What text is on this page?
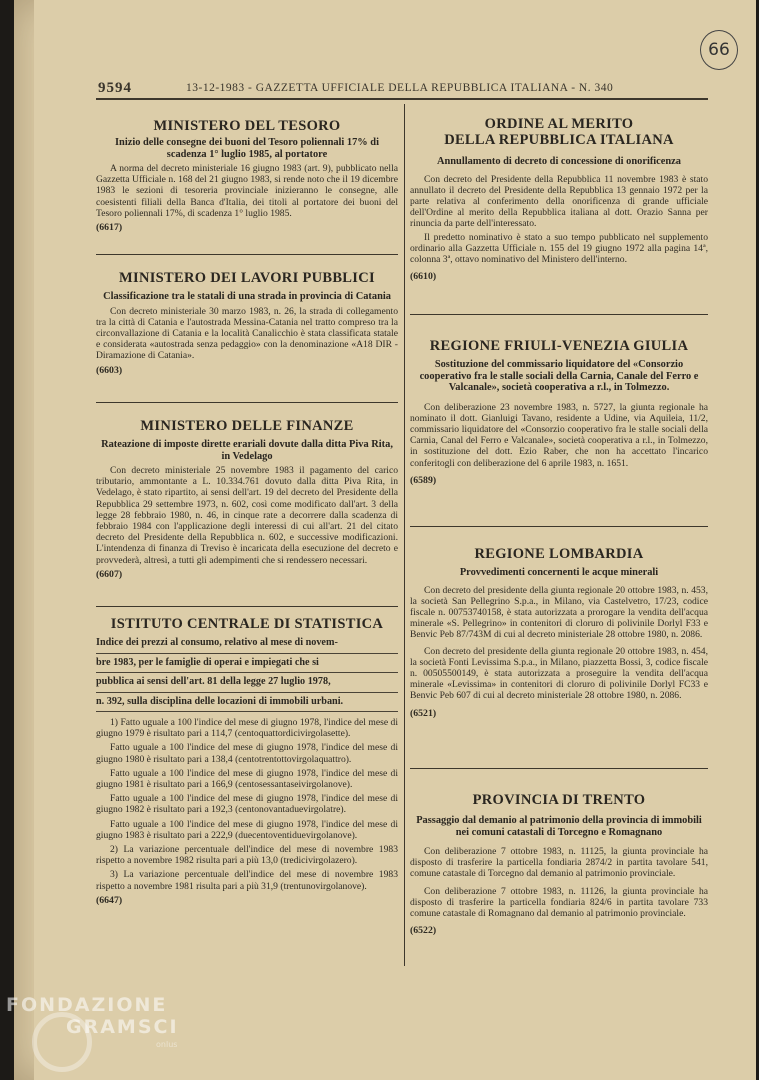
66
9594	13-12-1983 - GAZZETTA UFFICIALE DELLA REPUBBLICA ITALIANA - N. 340
MINISTERO DEL TESORO
Inizio delle consegne dei buoni del Tesoro poliennali 17% di scadenza 1° luglio 1985, al portatore

A norma del decreto ministeriale 16 giugno 1983 (art. 9), pubblicato nella Gazzetta Ufficiale n. 168 del 21 giugno 1983, si rende noto che il 19 dicembre 1983 le sezioni di tesoreria provinciale inizieranno le consegne, alle coesistenti filiali della Banca d'Italia, dei titoli al portatore dei buoni del Tesoro poliennali 17%, di scadenza 1° luglio 1985.

(6617)

MINISTERO DEI LAVORI PUBBLICI
Classificazione tra le statali di una strada in provincia di Catania

Con decreto ministeriale 30 marzo 1983, n. 26, la strada di collegamento tra la città di Catania e l'autostrada Messina-Catania nel tratto compreso tra la circonvallazione di Catania e la località Canalicchio è stata classificata statale e considerata «autostrada senza pedaggio» con la denominazione «A18 DIR - Diramazione di Catania».

(6603)

MINISTERO DELLE FINANZE
Rateazione di imposte dirette erariali dovute dalla ditta Piva Rita, in Vedelago

Con decreto ministeriale 25 novembre 1983 il pagamento del carico tributario, ammontante a L. 10.334.761 dovuto dalla ditta Piva Rita, in Vedelago, è stato ripartito, ai sensi dell'art. 19 del decreto del Presidente della Repubblica 29 settembre 1973, n. 602, così come modificato dall'art. 3 della legge 28 febbraio 1980, n. 46, in cinque rate a decorrere dalla scadenza di febbraio 1984 con l'applicazione degli interessi di cui all'art. 21 del citato decreto del Presidente della Repubblica n. 602, e successive modificazioni. L'intendenza di finanza di Treviso è incaricata della esecuzione del decreto e provvederà, altresì, a tutti gli adempimenti che si rendessero necessari.

(6607)

ISTITUTO CENTRALE DI STATISTICA
Indice dei prezzi al consumo, relativo al mese di novem-
bre 1983, per le famiglie di operai e impiegati che si
pubblica ai sensi dell'art. 81 della legge 27 luglio 1978,
n. 392, sulla disciplina delle locazioni di immobili urbani.
1) Fatto uguale a 100 l'indice del mese di giugno 1978, l'indice del mese di giugno 1979 è risultato pari a 114,7 (centoquattordicivirgolasette).
Fatto uguale a 100 l'indice del mese di giugno 1978, l'indice del mese di giugno 1980 è risultato pari a 138,4 (centotrentottovirgolaquattro).
Fatto uguale a 100 l'indice del mese di giugno 1978, l'indice del mese di giugno 1981 è risultato pari a 166,9 (centosessantaseivirgolanove).
Fatto uguale a 100 l'indice del mese di giugno 1978, l'indice del mese di giugno 1982 è risultato pari a 192,3 (centonovantaduevirgolatre).
Fatto uguale a 100 l'indice del mese di giugno 1978, l'indice del mese di giugno 1983 è risultato pari a 222,9 (duecentoventiduevirgolanove).
2) La variazione percentuale dell'indice del mese di novembre 1983 rispetto a novembre 1982 risulta pari a più 13,0 (tredicivirgolazero).
3) La variazione percentuale dell'indice del mese di novembre 1983 rispetto a novembre 1981 risulta pari a più 31,9 (trentunovirgolanove).

(6647)

ORDINE AL MERITO
DELLA REPUBBLICA ITALIANA
Annullamento di decreto di concessione di onorificenza

Con decreto del Presidente della Repubblica 11 novembre 1983 è stato annullato il decreto del Presidente della Repubblica 13 gennaio 1972 per la parte relativa al conferimento della onorificenza di grande ufficiale dell'Ordine al merito della Repubblica italiana al dott. Orazio Sanna per rinuncia da parte dell'interessato.

Il predetto nominativo è stato a suo tempo pubblicato nel supplemento ordinario alla Gazzetta Ufficiale n. 155 del 19 giugno 1972 alla pagina 14ª, colonna 3ª, ottavo nominativo del Ministero dell'interno.

(6610)

REGIONE FRIULI-VENEZIA GIULIA
Sostituzione del commissario liquidatore del «Consorzio cooperativo fra le stalle sociali della Carnia, Canale del Ferro e Valcanale», società cooperativa a r.l., in Tolmezzo.

Con deliberazione 23 novembre 1983, n. 5727, la giunta regionale ha nominato il dott. Gianluigi Tavano, residente a Udine, via Aquileia, 11/2, commissario liquidatore del «Consorzio cooperativo fra le stalle sociali della Carnia, Canal del Ferro e Valcanale», società cooperativa a r.l., in Tolmezzo, in sostituzione del dott. Ezio Raber, che non ha accettato l'incarico conferitogli con deliberazione del 6 aprile 1983, n. 1651.

(6589)

REGIONE LOMBARDIA
Provvedimenti concernenti le acque minerali

Con decreto del presidente della giunta regionale 20 ottobre 1983, n. 453, la società San Pellegrino S.p.a., in Milano, via Castelvetro, 17/23, codice fiscale n. 00753740158, è stata autorizzata a prorogare la vendita dell'acqua minerale «S. Pellegrino» in contenitori di cloruro di polivinile Dorlyl F33 e Benvic Peb 87/743M di cui al decreto ministeriale 28 ottobre 1980, n. 2086.

Con decreto del presidente della giunta regionale 20 ottobre 1983, n. 454, la società Fonti Levissima S.p.a., in Milano, piazzetta Bossi, 3, codice fiscale n. 00505500149, è stata autorizzata a proseguire la vendita dell'acqua minerale «Levissima» in contenitori di cloruro di polivinile Dorlyl FC33 e Benvic Peb 607 di cui al decreto ministeriale 28 ottobre 1980, n. 2086.

(6521)

PROVINCIA DI TRENTO
Passaggio dal demanio al patrimonio della provincia di immobili nei comuni catastali di Torcegno e Romagnano

Con deliberazione 7 ottobre 1983, n. 11125, la giunta provinciale ha disposto di trasferire la particella fondiaria 2874/2 in partita tavolare 541, comune catastale di Torcegno dal demanio al patrimonio provinciale.

Con deliberazione 7 ottobre 1983, n. 11126, la giunta provinciale ha disposto di trasferire la particella fondiaria 824/6 in partita tavolare 733 comune catastale di Romagnano dal demanio al patrimonio provinciale.

(6522)

FONDAZIONE
GRAMSCI
onlus
